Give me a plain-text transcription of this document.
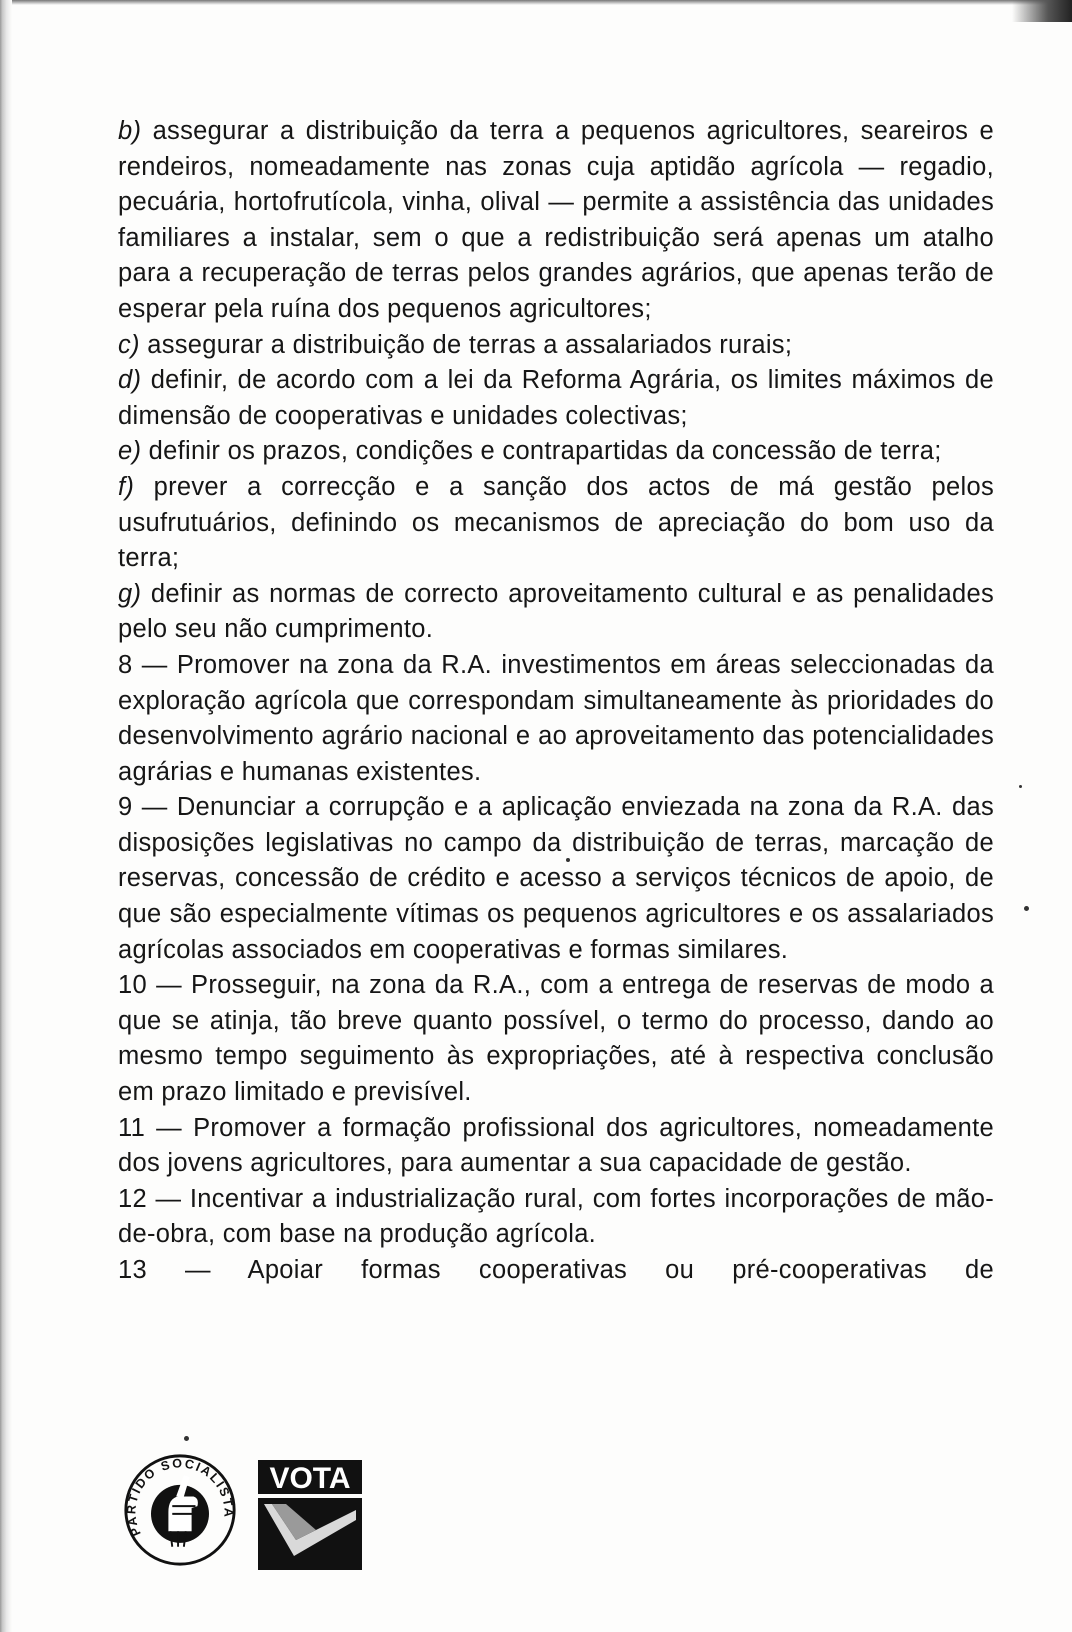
b) assegurar a distribuição da terra a pequenos agricultores, seareiros e rendeiros, nomeadamente nas zonas cuja aptidão agrícola — regadio, pecuária, hortofrutícola, vinha, olival — permite a assistência das unidades familiares a instalar, sem o que a redistribuição será apenas um atalho para a recuperação de terras pelos grandes agrários, que apenas terão de esperar pela ruína dos pequenos agricultores;

c) assegurar a distribuição de terras a assalariados rurais;

d) definir, de acordo com a lei da Reforma Agrária, os limites máximos de dimensão de cooperativas e unidades colectivas;

e) definir os prazos, condições e contrapartidas da concessão de terra;

f) prever a correcção e a sanção dos actos de má gestão pelos usufrutuários, definindo os mecanismos de apreciação do bom uso da terra;

g) definir as normas de correcto aproveitamento cultural e as penalidades pelo seu não cumprimento.

8 — Promover na zona da R.A. investimentos em áreas seleccionadas da exploração agrícola que correspondam simultaneamente às prioridades do desenvolvimento agrário nacional e ao aproveitamento das potencialidades agrárias e humanas existentes.

9 — Denunciar a corrupção e a aplicação enviezada na zona da R.A. das disposições legislativas no campo da distribuição de terras, marcação de reservas, concessão de crédito e acesso a serviços técnicos de apoio, de que são especialmente vítimas os pequenos agricultores e os assalariados agrícolas associados em cooperativas e formas similares.

10 — Prosseguir, na zona da R.A., com a entrega de reservas de modo a que se atinja, tão breve quanto possível, o termo do processo, dando ao mesmo tempo seguimento às expropriações, até à respectiva conclusão em prazo limitado e previsível.

11 — Promover a formação profissional dos agricultores, nomeadamente dos jovens agricultores, para aumentar a sua capacidade de gestão.

12 — Incentivar a industrialização rural, com fortes incorporações de mão-de-obra, com base na produção agrícola.

13 — Apoiar formas cooperativas ou pré-cooperativas de

PARTIDO SOCIALISTA
VOTA
